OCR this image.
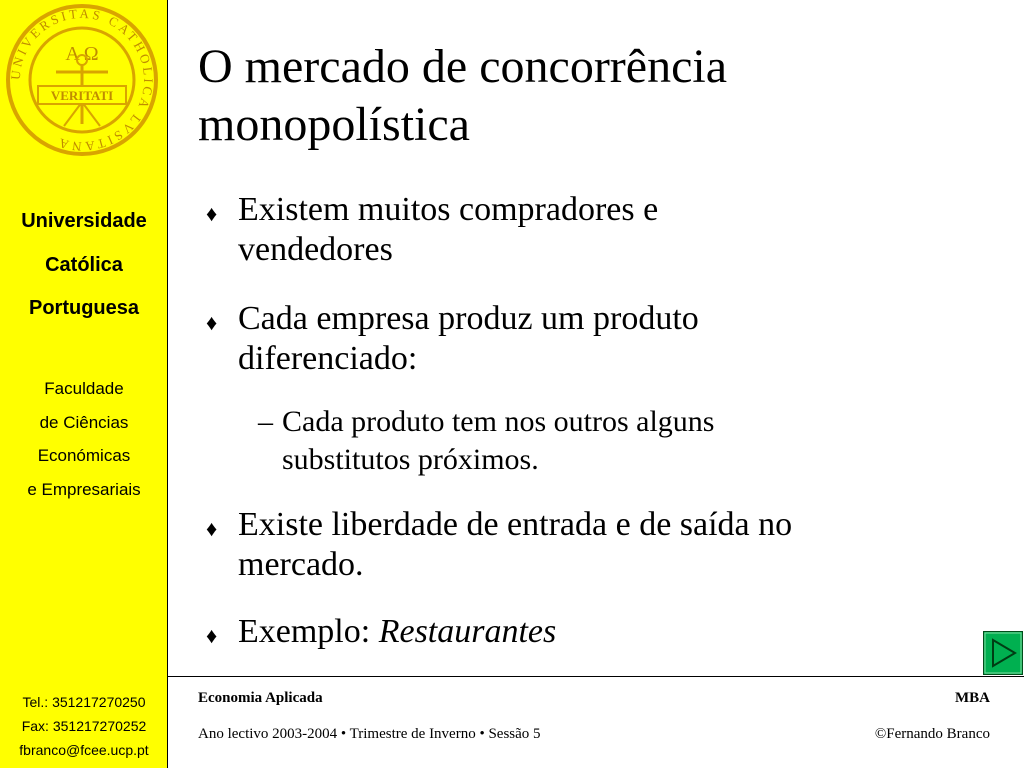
UNIVERSITAS CATHOLICA LVSITANA
A Ω
VERITATI
Universidade
Católica
Portuguesa
Faculdade
de Ciências
Económicas
e Empresariais
Tel.: 351217270250
Fax: 351217270252
fbranco@fcee.ucp.pt
O mercado de concorrência
monopolística
♦ Existem muitos compradores e
vendedores
♦ Cada empresa produz um produto
diferenciado:
– Cada produto tem nos outros alguns
substitutos próximos.
♦ Existe liberdade de entrada e de saída no
mercado.
♦ Exemplo: Restaurantes
Economia Aplicada	MBA
Ano lectivo 2003-2004 • Trimestre de Inverno • Sessão 5	©Fernando Branco
